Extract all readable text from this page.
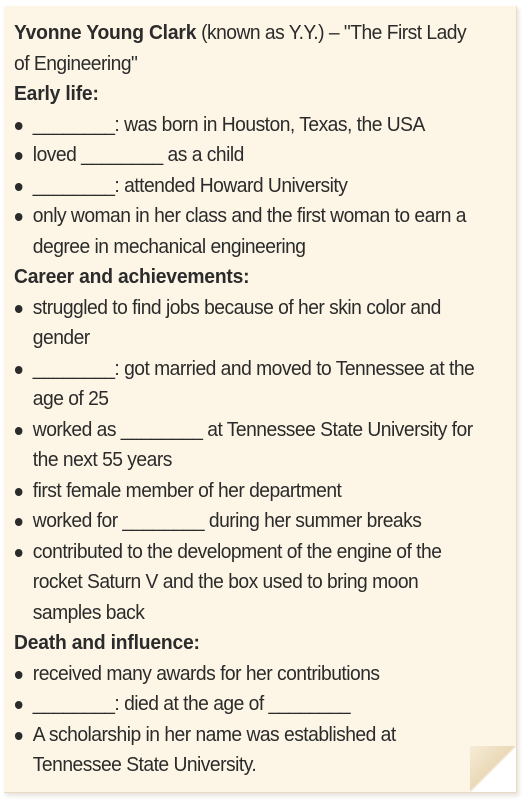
Yvonne Young Clark (known as Y.Y.) – "The First Lady of Engineering"

Early life:

________: was born in Houston, Texas, the USA
loved ________ as a child
________: attended Howard University
only woman in her class and the first woman to earn a degree in mechanical engineering

Career and achievements:

struggled to find jobs because of her skin color and gender
________: got married and moved to Tennessee at the age of 25
worked as ________ at Tennessee State University for the next 55 years
first female member of her department
worked for ________ during her summer breaks
contributed to the development of the engine of the rocket Saturn V and the box used to bring moon samples back

Death and influence:

received many awards for her contributions
________: died at the age of ________
A scholarship in her name was established at Tennessee State University.
